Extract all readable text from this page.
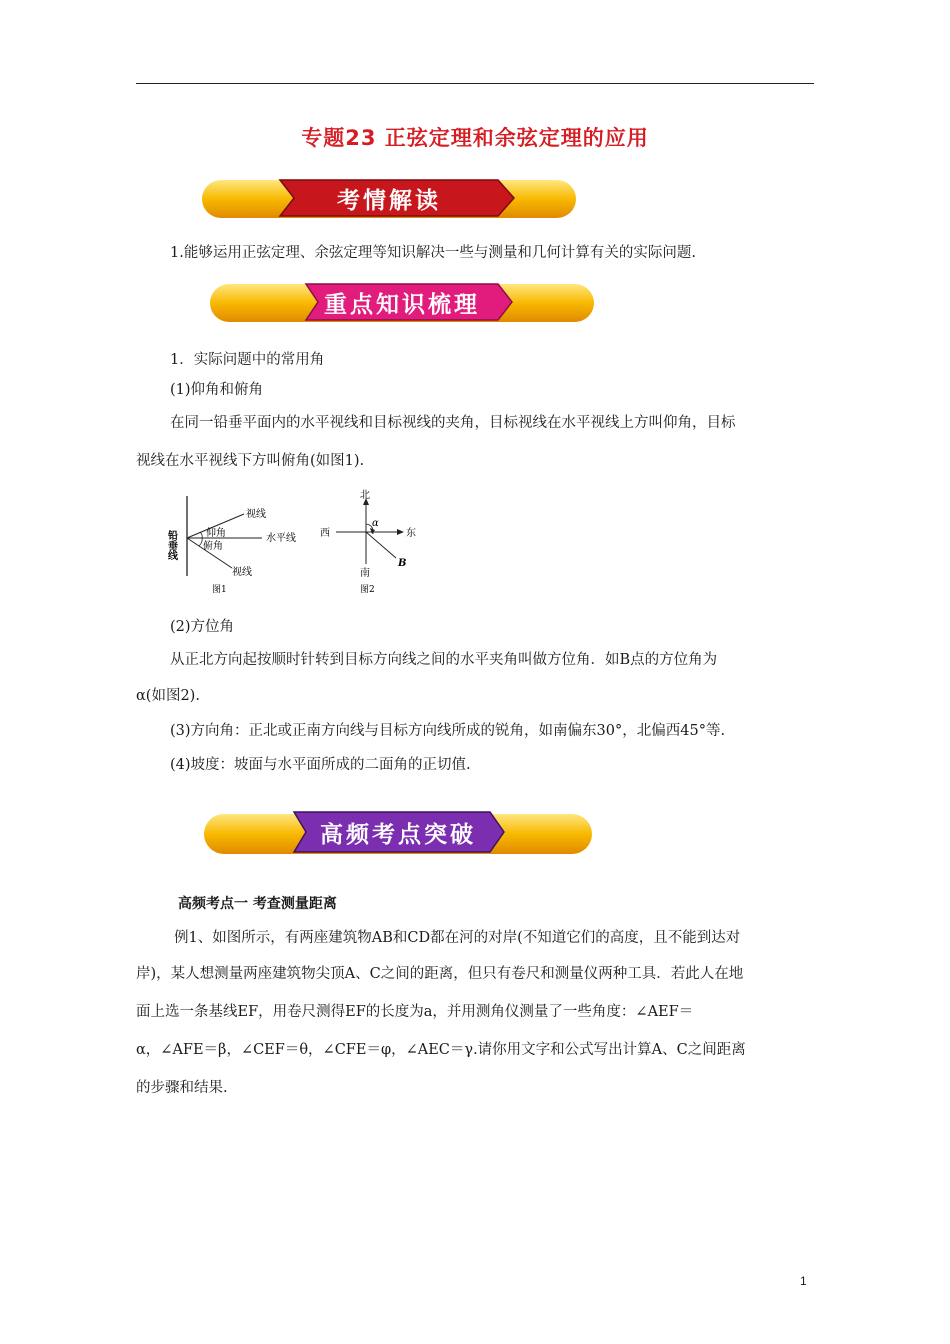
专题23 正弦定理和余弦定理的应用
考情解读
1.能够运用正弦定理、余弦定理等知识解决一些与测量和几何计算有关的实际问题.
重点知识梳理
1．实际问题中的常用角
(1)仰角和俯角
在同一铅垂平面内的水平视线和目标视线的夹角，目标视线在水平视线上方叫仰角，目标
视线在水平视线下方叫俯角(如图1).
铅垂线
视线
仰角
俯角
水平线
视线
图1
北
西	东
南
α
B
图2
(2)方位角
从正北方向起按顺时针转到目标方向线之间的水平夹角叫做方位角．如B点的方位角为
α(如图2).
(3)方向角：正北或正南方向线与目标方向线所成的锐角，如南偏东30°，北偏西45°等.
(4)坡度：坡面与水平面所成的二面角的正切值.
高频考点突破
高频考点一 考查测量距离
例1、如图所示，有两座建筑物AB和CD都在河的对岸(不知道它们的高度，且不能到达对
岸)，某人想测量两座建筑物尖顶A、C之间的距离，但只有卷尺和测量仪两种工具．若此人在地
面上选一条基线EF，用卷尺测得EF的长度为a，并用测角仪测量了一些角度：∠AEF＝
α，∠AFE＝β，∠CEF＝θ，∠CFE＝φ，∠AEC＝γ.请你用文字和公式写出计算A、C之间距离
的步骤和结果.
1
